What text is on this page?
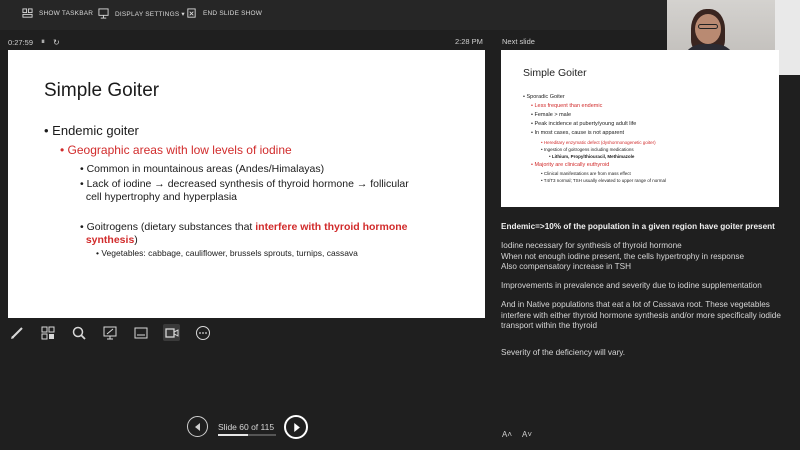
SHOW TASKBAR	DISPLAY SETTINGS ▾	END SLIDE SHOW
0:27:59 ⏸ ↻	2:28 PM	Next slide
Simple Goiter
• Endemic goiter
• Geographic areas with low levels of iodine
• Common in mountainous areas (Andes/Himalayas)
• Lack of iodine → decreased synthesis of thyroid hormone → follicular
cell hypertrophy and hyperplasia
• Goitrogens (dietary substances that interfere with thyroid hormone
synthesis)
• Vegetables: cabbage, cauliflower, brussels sprouts, turnips, cassava
Simple Goiter
• Sporadic Goiter
• Less frequent than endemic
• Female > male
• Peak incidence at puberty/young adult life
• In most cases, cause is not apparent
• Hereditary enzymatic defect (dyshormonogenetic goiter)
• Ingestion of goitrogens including medications
• Lithium, Propylthiouracil, Methimazole
• Majority are clinically euthyroid
• Clinical manifestations are from mass effect
• T4/T3 normal; TSH usually elevated to upper range of normal

Endemic=>10% of the population in a given region have goiter present

Iodine necessary for synthesis of thyroid hormone
When not enough iodine present, the cells hypertrophy in response
Also compensatory increase in TSH

Improvements in prevalence and severity due to iodine supplementation

And in Native populations that eat a lot of Cassava root. These vegetables interfere with either thyroid hormone synthesis and/or more specifically iodide transport within the thyroid

Severity of the deficiency will vary.

A˄ A˅
Slide 60 of 115
